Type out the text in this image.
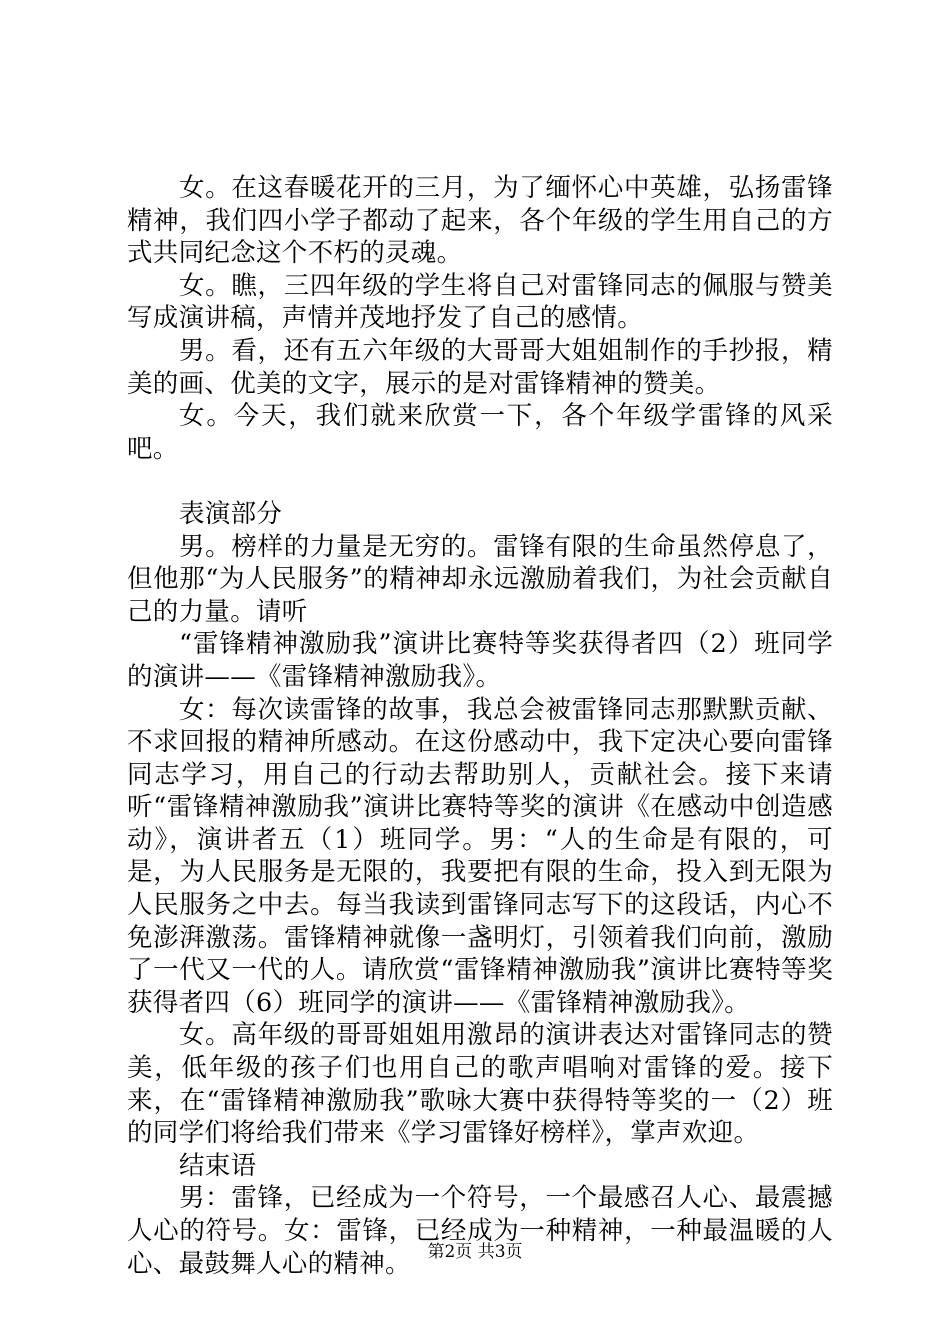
女。在这春暖花开的三月，为了缅怀心中英雄，弘扬雷锋精神，我们四小学子都动了起来，各个年级的学生用自己的方式共同纪念这个不朽的灵魂。

女。瞧，三四年级的学生将自己对雷锋同志的佩服与赞美写成演讲稿，声情并茂地抒发了自己的感情。

男。看，还有五六年级的大哥哥大姐姐制作的手抄报，精美的画、优美的文字，展示的是对雷锋精神的赞美。

女。今天，我们就来欣赏一下，各个年级学雷锋的风采吧。

表演部分

男。榜样的力量是无穷的。雷锋有限的生命虽然停息了，但他那“为人民服务”的精神却永远激励着我们，为社会贡献自己的力量。请听

“雷锋精神激励我”演讲比赛特等奖获得者四（2）班同学的演讲——《雷锋精神激励我》。

女：每次读雷锋的故事，我总会被雷锋同志那默默贡献、不求回报的精神所感动。在这份感动中，我下定决心要向雷锋同志学习，用自己的行动去帮助别人，贡献社会。接下来请听“雷锋精神激励我”演讲比赛特等奖的演讲《在感动中创造感动》，演讲者五（1）班同学。男：“人的生命是有限的，可是，为人民服务是无限的，我要把有限的生命，投入到无限为人民服务之中去。每当我读到雷锋同志写下的这段话，内心不免澎湃激荡。雷锋精神就像一盏明灯，引领着我们向前，激励了一代又一代的人。请欣赏“雷锋精神激励我”演讲比赛特等奖获得者四（6）班同学的演讲——《雷锋精神激励我》。

女。高年级的哥哥姐姐用激昂的演讲表达对雷锋同志的赞美，低年级的孩子们也用自己的歌声唱响对雷锋的爱。接下来，在“雷锋精神激励我”歌咏大赛中获得特等奖的一（2）班的同学们将给我们带来《学习雷锋好榜样》，掌声欢迎。

结束语

男：雷锋，已经成为一个符号，一个最感召人心、最震撼人心的符号。女：雷锋，已经成为一种精神，一种最温暖的人心、最鼓舞人心的精神。 第2页 共3页
